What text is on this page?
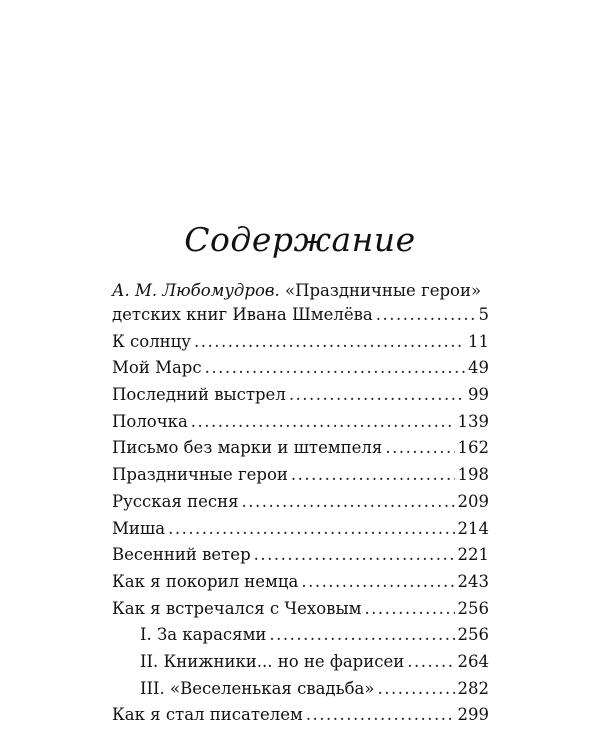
Содержание
А. М. Любомудров. «Праздничные герои»
детских книг Ивана Шмелёва .....	5
К солнцу .....	11
Мой Марс .....	49
Последний выстрел .....	99
Полочка .....	139
Письмо без марки и штемпеля .....	162
Праздничные герои .....	198
Русская песня .....	209
Миша .....	214
Весенний ветер .....	221
Как я покорил немца .....	243
Как я встречался с Чеховым .....	256
I. За карасями .....	256
II. Книжники... но не фарисеи .....	264
III. «Веселенькая свадьба» .....	282
Как я стал писателем .....	299
